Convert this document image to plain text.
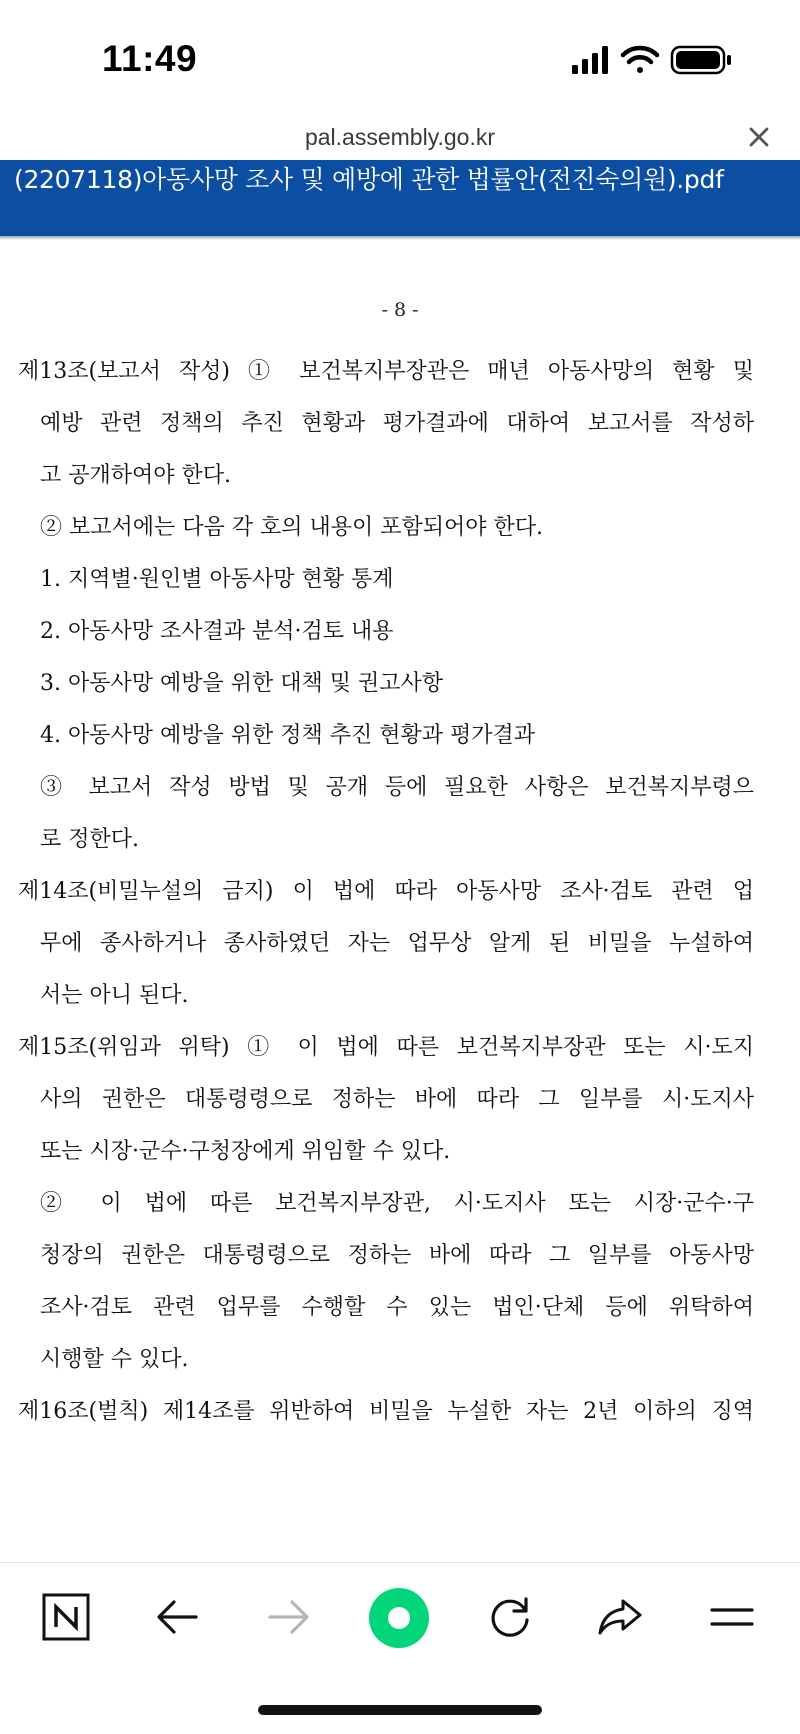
11:49
pal.assembly.go.kr
(2207118)아동사망 조사 및 예방에 관한 법률안(전진숙의원).pdf
- 8 -
제13조(보고서 작성) ① 보건복지부장관은 매년 아동사망의 현황 및
예방 관련 정책의 추진 현황과 평가결과에 대하여 보고서를 작성하
고 공개하여야 한다.
② 보고서에는 다음 각 호의 내용이 포함되어야 한다.
1. 지역별·원인별 아동사망 현황 통계
2. 아동사망 조사결과 분석·검토 내용
3. 아동사망 예방을 위한 대책 및 권고사항
4. 아동사망 예방을 위한 정책 추진 현황과 평가결과
③ 보고서 작성 방법 및 공개 등에 필요한 사항은 보건복지부령으
로 정한다.
제14조(비밀누설의 금지) 이 법에 따라 아동사망 조사·검토 관련 업
무에 종사하거나 종사하였던 자는 업무상 알게 된 비밀을 누설하여
서는 아니 된다.
제15조(위임과 위탁) ① 이 법에 따른 보건복지부장관 또는 시·도지
사의 권한은 대통령령으로 정하는 바에 따라 그 일부를 시·도지사
또는 시장·군수·구청장에게 위임할 수 있다.
② 이 법에 따른 보건복지부장관, 시·도지사 또는 시장·군수·구
청장의 권한은 대통령령으로 정하는 바에 따라 그 일부를 아동사망
조사·검토 관련 업무를 수행할 수 있는 법인·단체 등에 위탁하여
시행할 수 있다.
제16조(벌칙) 제14조를 위반하여 비밀을 누설한 자는 2년 이하의 징역
